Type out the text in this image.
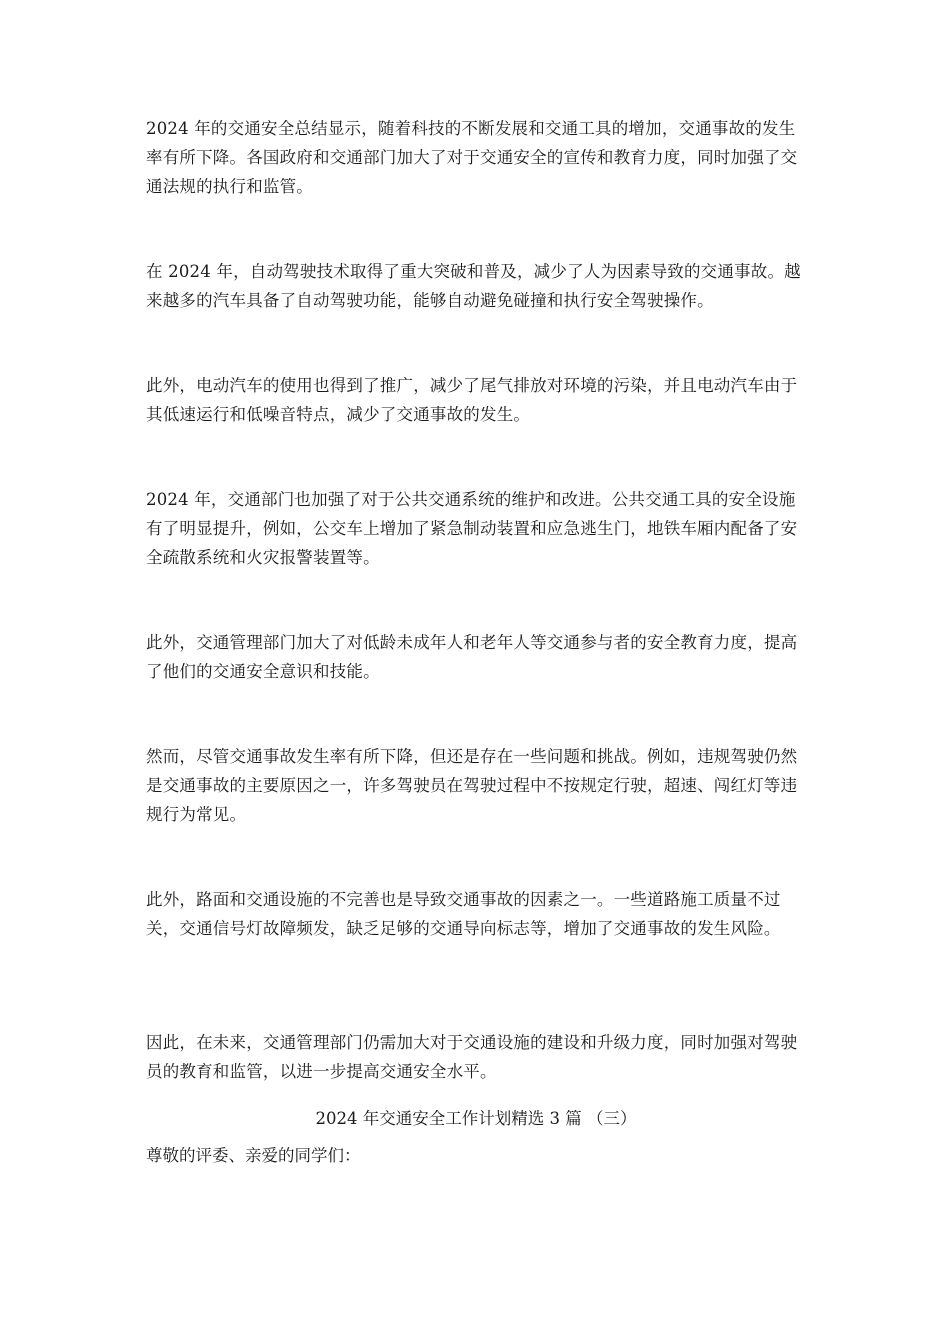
2024 年的交通安全总结显示，随着科技的不断发展和交通工具的增加，交通事故的发生率有所下降。各国政府和交通部门加大了对于交通安全的宣传和教育力度，同时加强了交通法规的执行和监管。

在 2024 年，自动驾驶技术取得了重大突破和普及，减少了人为因素导致的交通事故。越来越多的汽车具备了自动驾驶功能，能够自动避免碰撞和执行安全驾驶操作。

此外，电动汽车的使用也得到了推广，减少了尾气排放对环境的污染，并且电动汽车由于其低速运行和低噪音特点，减少了交通事故的发生。

2024 年，交通部门也加强了对于公共交通系统的维护和改进。公共交通工具的安全设施有了明显提升，例如，公交车上增加了紧急制动装置和应急逃生门，地铁车厢内配备了安全疏散系统和火灾报警装置等。

此外，交通管理部门加大了对低龄未成年人和老年人等交通参与者的安全教育力度，提高了他们的交通安全意识和技能。

然而，尽管交通事故发生率有所下降，但还是存在一些问题和挑战。例如，违规驾驶仍然是交通事故的主要原因之一，许多驾驶员在驾驶过程中不按规定行驶，超速、闯红灯等违规行为常见。

此外，路面和交通设施的不完善也是导致交通事故的因素之一。一些道路施工质量不过关，交通信号灯故障频发，缺乏足够的交通导向标志等，增加了交通事故的发生风险。

因此，在未来，交通管理部门仍需加大对于交通设施的建设和升级力度，同时加强对驾驶员的教育和监管，以进一步提高交通安全水平。

2024 年交通安全工作计划精选 3 篇 （三）

尊敬的评委、亲爱的同学们：
